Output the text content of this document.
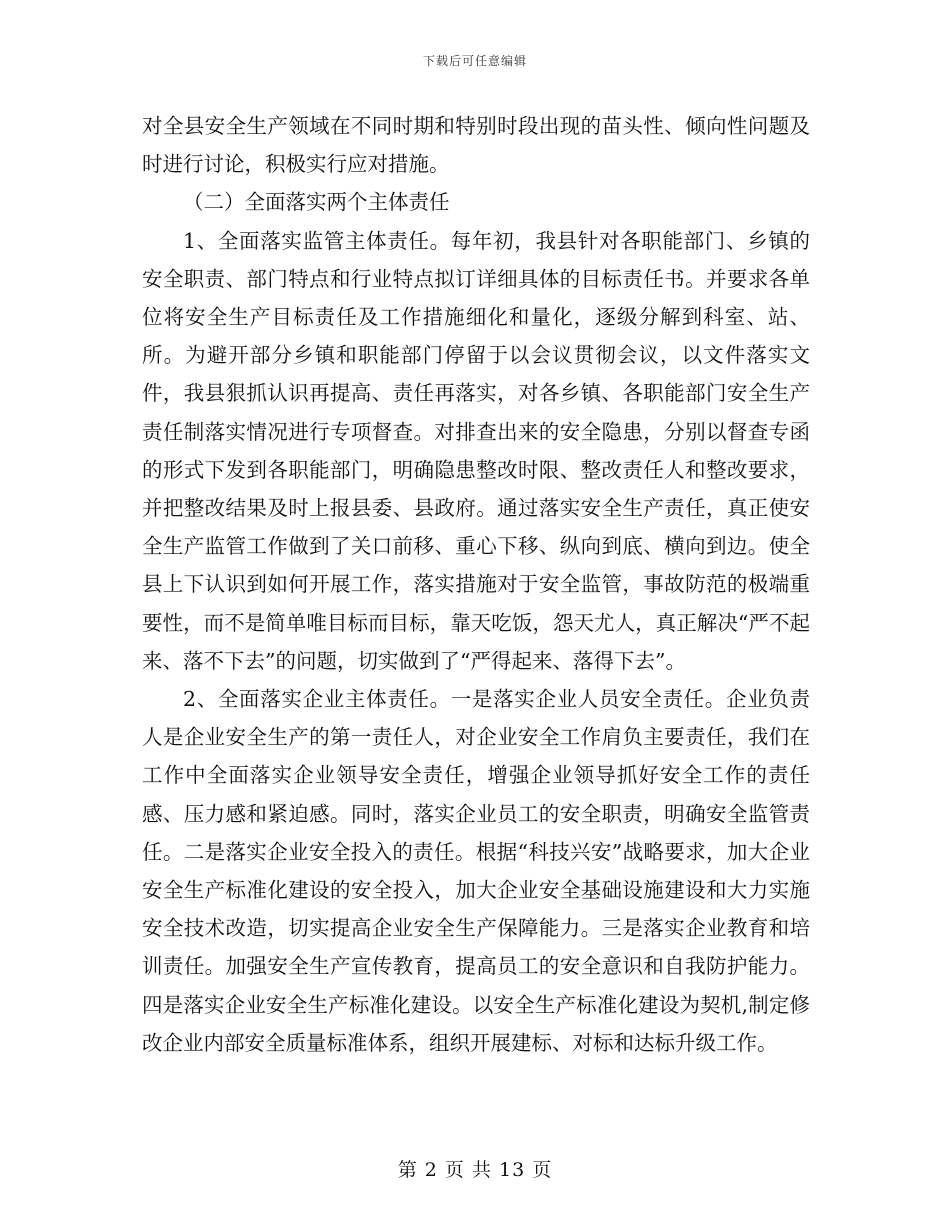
下载后可任意编辑

对全县安全生产领域在不同时期和特别时段出现的苗头性、倾向性问题及时进行讨论，积极实行应对措施。

（二）全面落实两个主体责任

1、全面落实监管主体责任。每年初，我县针对各职能部门、乡镇的安全职责、部门特点和行业特点拟订详细具体的目标责任书。并要求各单位将安全生产目标责任及工作措施细化和量化，逐级分解到科室、站、所。为避开部分乡镇和职能部门停留于以会议贯彻会议，以文件落实文件，我县狠抓认识再提高、责任再落实，对各乡镇、各职能部门安全生产责任制落实情况进行专项督查。对排查出来的安全隐患，分别以督查专函的形式下发到各职能部门，明确隐患整改时限、整改责任人和整改要求，并把整改结果及时上报县委、县政府。通过落实安全生产责任，真正使安全生产监管工作做到了关口前移、重心下移、纵向到底、横向到边。使全县上下认识到如何开展工作，落实措施对于安全监管，事故防范的极端重要性，而不是简单唯目标而目标，靠天吃饭，怨天尤人，真正解决“严不起来、落不下去”的问题，切实做到了“严得起来、落得下去”。

2、全面落实企业主体责任。一是落实企业人员安全责任。企业负责人是企业安全生产的第一责任人，对企业安全工作肩负主要责任，我们在工作中全面落实企业领导安全责任，增强企业领导抓好安全工作的责任感、压力感和紧迫感。同时，落实企业员工的安全职责，明确安全监管责任。二是落实企业安全投入的责任。根据“科技兴安”战略要求，加大企业安全生产标准化建设的安全投入，加大企业安全基础设施建设和大力实施安全技术改造，切实提高企业安全生产保障能力。三是落实企业教育和培训责任。加强安全生产宣传教育，提高员工的安全意识和自我防护能力。四是落实企业安全生产标准化建设。以安全生产标准化建设为契机,制定修改企业内部安全质量标准体系，组织开展建标、对标和达标升级工作。

第 2 页 共 13 页
